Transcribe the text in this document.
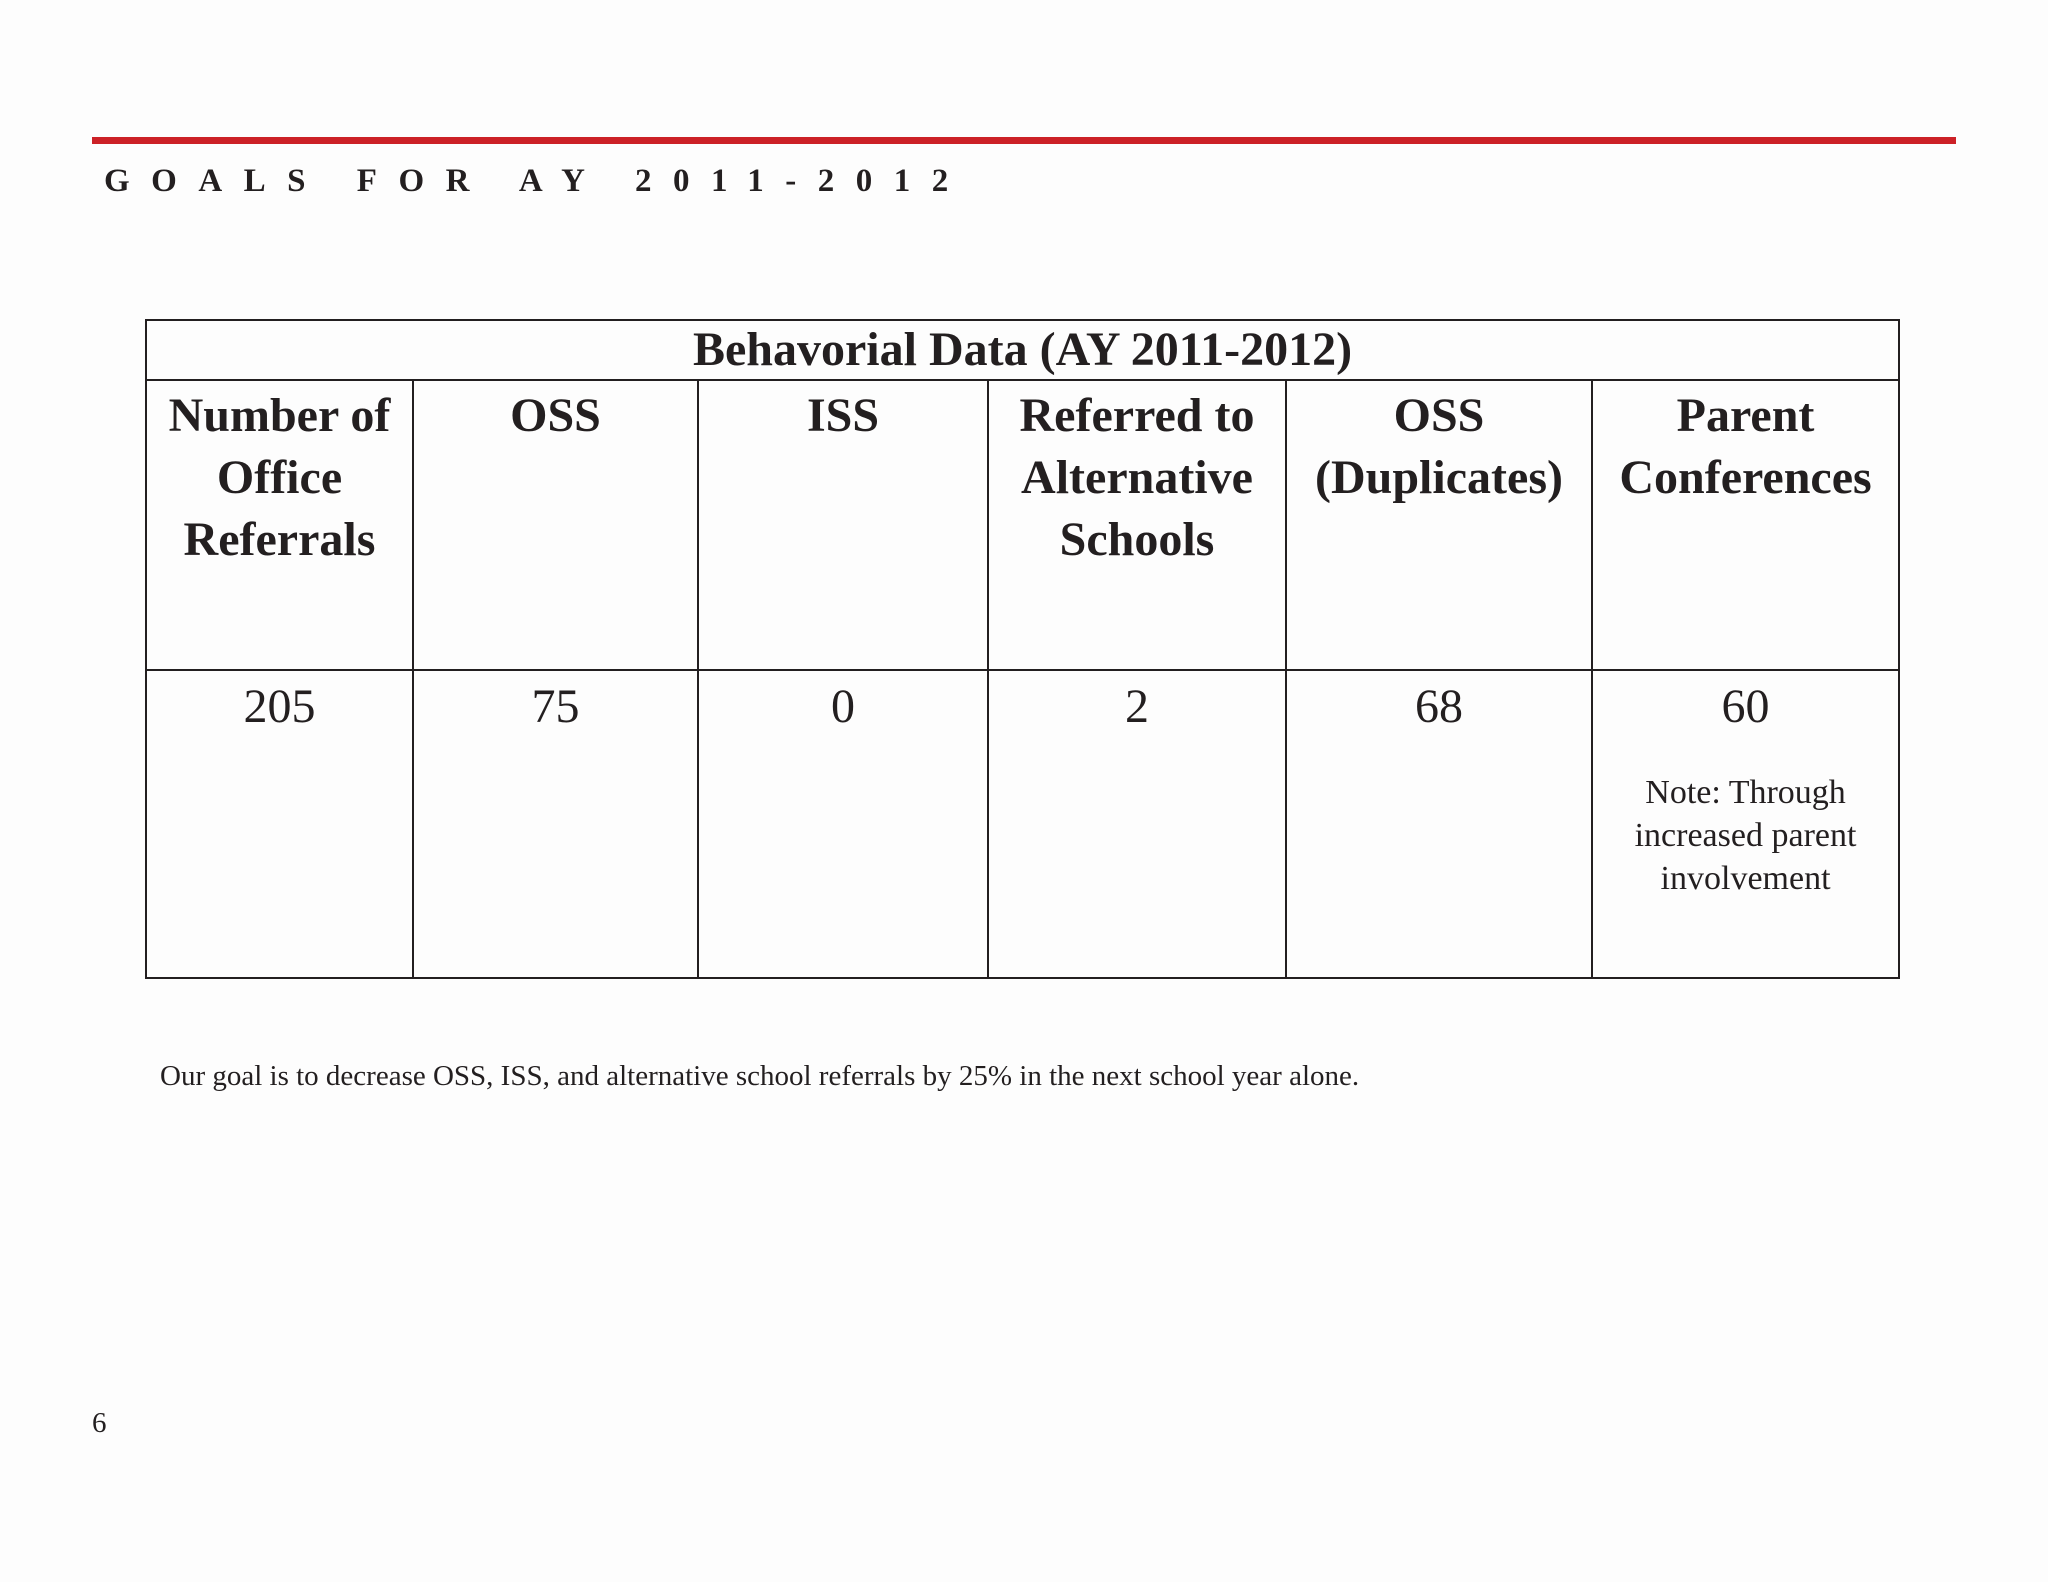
GOALS FOR AY 2011-2012
Behavorial Data (AY 2011-2012)					
Number of Office Referrals	OSS	ISS	Referred to Alternative Schools	OSS (Duplicates)	Parent Conferences

205	75	0	2	68	60
Note: Through increased parent involvement
Our goal is to decrease OSS, ISS, and alternative school referrals by 25% in the next school year alone.
6
